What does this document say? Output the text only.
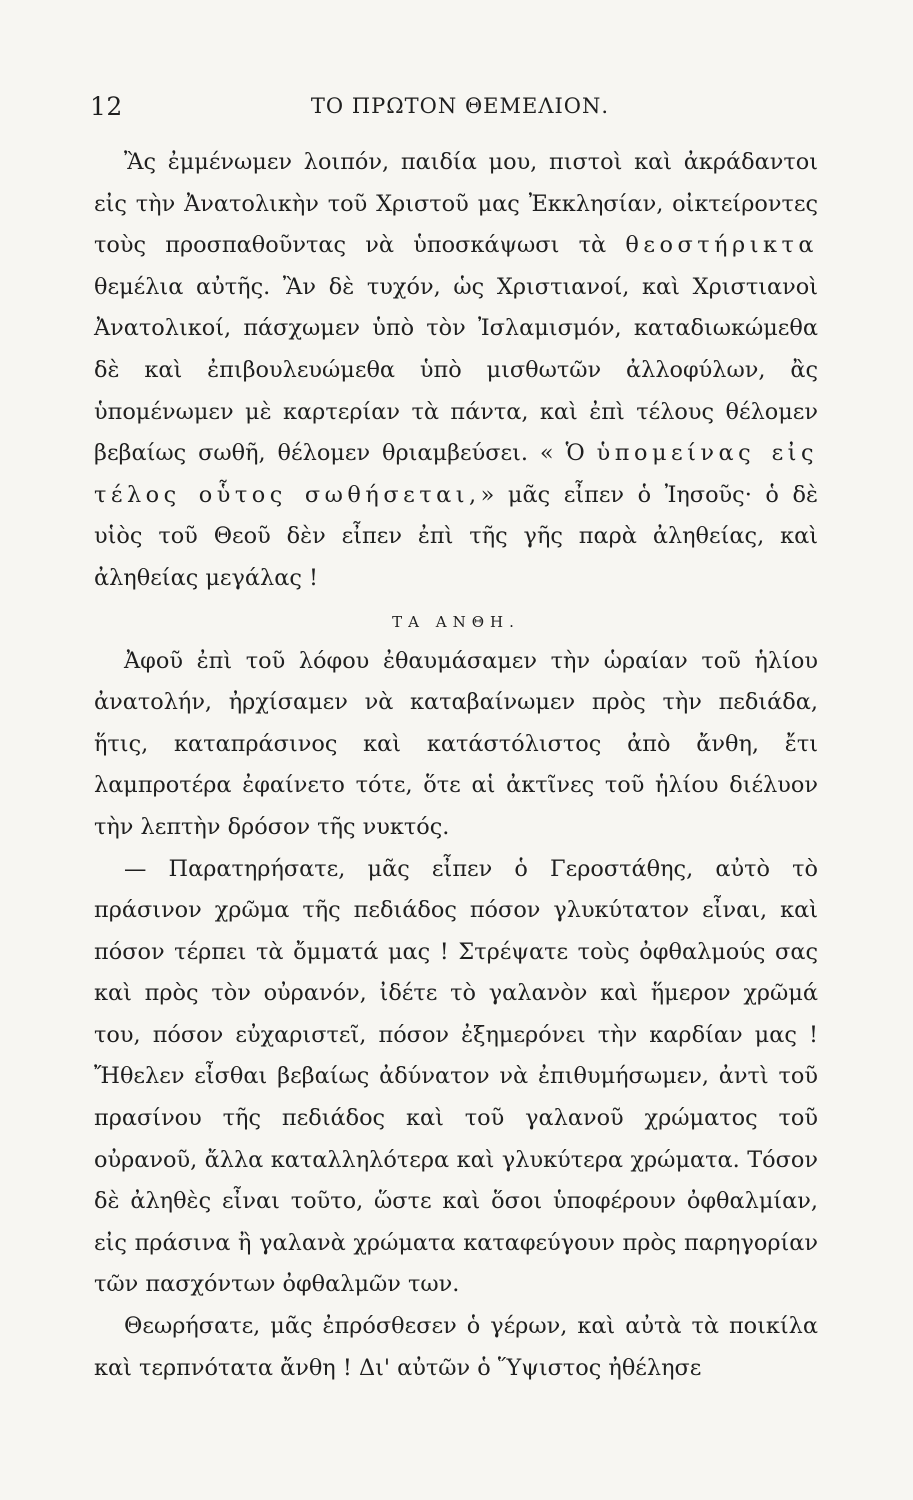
12	ΤΟ ΠΡΩΤΟΝ ΘΕΜΕΛΙΟΝ.

Ἂς ἐμμένωμεν λοιπόν, παιδία μου, πιστοὶ καὶ ἀκράδαντοι εἰς τὴν Ἀνατολικὴν τοῦ Χριστοῦ μας Ἐκκλησίαν, οἰκτείροντες τοὺς προσπαθοῦντας νὰ ὑποσκάψωσι τὰ θεοστήρικτα θεμέλια αὐτῆς. Ἂν δὲ τυχόν, ὡς Χριστιανοί, καὶ Χριστιανοὶ Ἀνατολικοί, πάσχωμεν ὑπὸ τὸν Ἰσλαμισμόν, καταδιωκώμεθα δὲ καὶ ἐπιβουλευώμεθα ὑπὸ μισθωτῶν ἀλλοφύλων, ἂς ὑπομένωμεν μὲ καρτερίαν τὰ πάντα, καὶ ἐπὶ τέλους θέλομεν βεβαίως σωθῆ, θέλομεν θριαμβεύσει. « Ὁ ὑπομείνας εἰς τέλος οὗτος σωθήσεται,» μᾶς εἶπεν ὁ Ἰησοῦς· ὁ δὲ υἱὸς τοῦ Θεοῦ δὲν εἶπεν ἐπὶ τῆς γῆς παρὰ ἀληθείας, καὶ ἀληθείας μεγάλας !

ΤΑ ΑΝΘΗ.

Ἀφοῦ ἐπὶ τοῦ λόφου ἐθαυμάσαμεν τὴν ὡραίαν τοῦ ἡλίου ἀνατολήν, ἠρχίσαμεν νὰ καταβαίνωμεν πρὸς τὴν πεδιάδα, ἥτις, καταπράσινος καὶ κατάστόλιστος ἀπὸ ἄνθη, ἔτι λαμπροτέρα ἐφαίνετο τότε, ὅτε αἱ ἀκτῖνες τοῦ ἡλίου διέλυον τὴν λεπτὴν δρόσον τῆς νυκτός.

— Παρατηρήσατε, μᾶς εἶπεν ὁ Γεροστάθης, αὐτὸ τὸ πράσινον χρῶμα τῆς πεδιάδος πόσον γλυκύτατον εἶναι, καὶ πόσον τέρπει τὰ ὄμματά μας ! Στρέψατε τοὺς ὀφθαλμούς σας καὶ πρὸς τὸν οὐρανόν, ἰδέτε τὸ γαλανὸν καὶ ἥμερον χρῶμά του, πόσον εὐχαριστεῖ, πόσον ἐξημερόνει τὴν καρδίαν μας ! Ἤθελεν εἶσθαι βεβαίως ἀδύνατον νὰ ἐπιθυμήσωμεν, ἀντὶ τοῦ πρασίνου τῆς πεδιάδος καὶ τοῦ γαλανοῦ χρώματος τοῦ οὐρανοῦ, ἄλλα καταλληλότερα καὶ γλυκύτερα χρώματα. Τόσον δὲ ἀληθὲς εἶναι τοῦτο, ὥστε καὶ ὅσοι ὑποφέρουν ὀφθαλμίαν, εἰς πράσινα ἢ γαλανὰ χρώματα καταφεύγουν πρὸς παρηγορίαν τῶν πασχόντων ὀφθαλμῶν των.

Θεωρήσατε, μᾶς ἐπρόσθεσεν ὁ γέρων, καὶ αὐτὰ τὰ ποικίλα καὶ τερπνότατα ἄνθη ! Δι' αὐτῶν ὁ Ὕψιστος ἠθέλησε
